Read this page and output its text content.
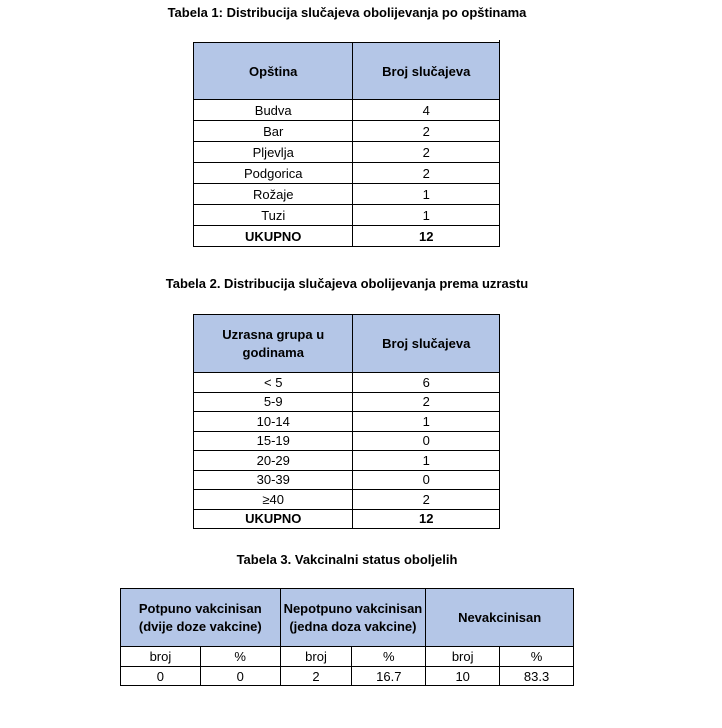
Tabela 1: Distribucija slučajeva obolijevanja po opštinama
Opština	Broj slučajeva
Budva	4
Bar	2
Pljevlja	2
Podgorica	2
Rožaje	1
Tuzi	1
UKUPNO	12
Tabela 2. Distribucija slučajeva obolijevanja prema uzrastu
Uzrasna grupa u godinama	Broj slučajeva
< 5	6
5-9	2
10-14	1
15-19	0
20-29	1
30-39	0
≥40	2
UKUPNO	12
Tabela 3. Vakcinalni status oboljelih
Potpuno vakcinisan (dvije doze vakcine)		Nepotpuno vakcinisan (jedna doza vakcine)		Nevakcinisan	
broj	%	broj	%	broj	%
0	0	2	16.7	10	83.3
